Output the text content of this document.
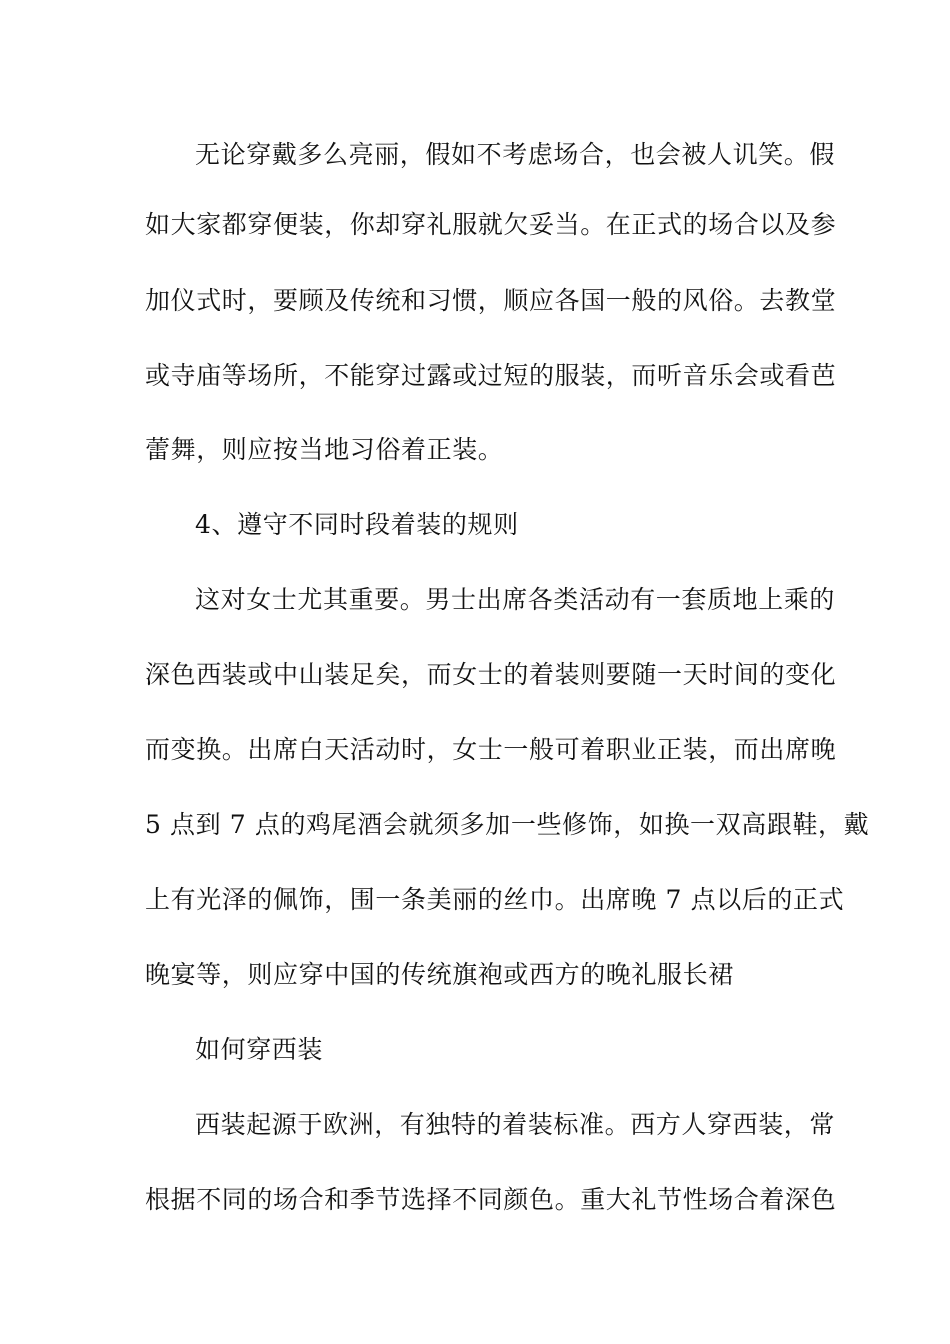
无论穿戴多么亮丽，假如不考虑场合，也会被人讥笑。假
如大家都穿便装，你却穿礼服就欠妥当。在正式的场合以及参
加仪式时，要顾及传统和习惯，顺应各国一般的风俗。去教堂
或寺庙等场所，不能穿过露或过短的服装，而听音乐会或看芭
蕾舞，则应按当地习俗着正装。
4、遵守不同时段着装的规则
这对女士尤其重要。男士出席各类活动有一套质地上乘的
深色西装或中山装足矣，而女士的着装则要随一天时间的变化
而变换。出席白天活动时，女士一般可着职业正装，而出席晚
5 点到 7 点的鸡尾酒会就须多加一些修饰，如换一双高跟鞋，戴
上有光泽的佩饰，围一条美丽的丝巾。出席晚 7 点以后的正式
晚宴等，则应穿中国的传统旗袍或西方的晚礼服长裙
如何穿西装
西装起源于欧洲，有独特的着装标准。西方人穿西装，常
根据不同的场合和季节选择不同颜色。重大礼节性场合着深色
